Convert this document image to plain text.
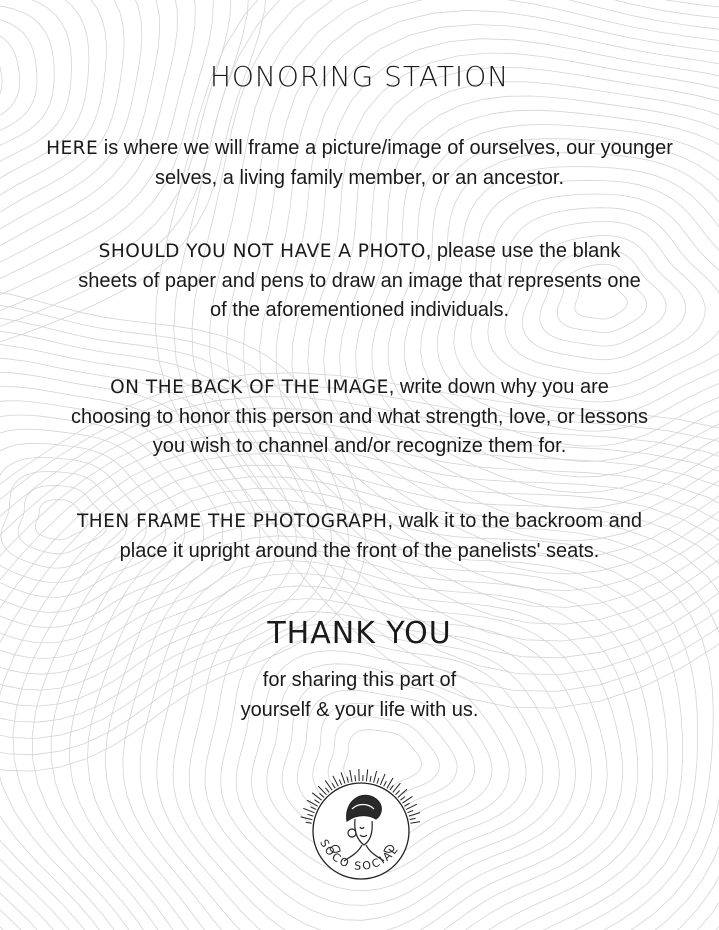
HONORING STATION
HERE is where we will frame a picture/image of ourselves, our younger selves, a living family member, or an ancestor.
SHOULD YOU NOT HAVE A PHOTO, please use the blank sheets of paper and pens to draw an image that represents one of the aforementioned individuals.
ON THE BACK OF THE IMAGE, write down why you are choosing to honor this person and what strength, love, or lessons you wish to channel and/or recognize them for.
THEN FRAME THE PHOTOGRAPH, walk it to the backroom and place it upright around the front of the panelists' seats.
THANK YOU
for sharing this part of
yourself & your life with us.
SOCO SOCIAL
